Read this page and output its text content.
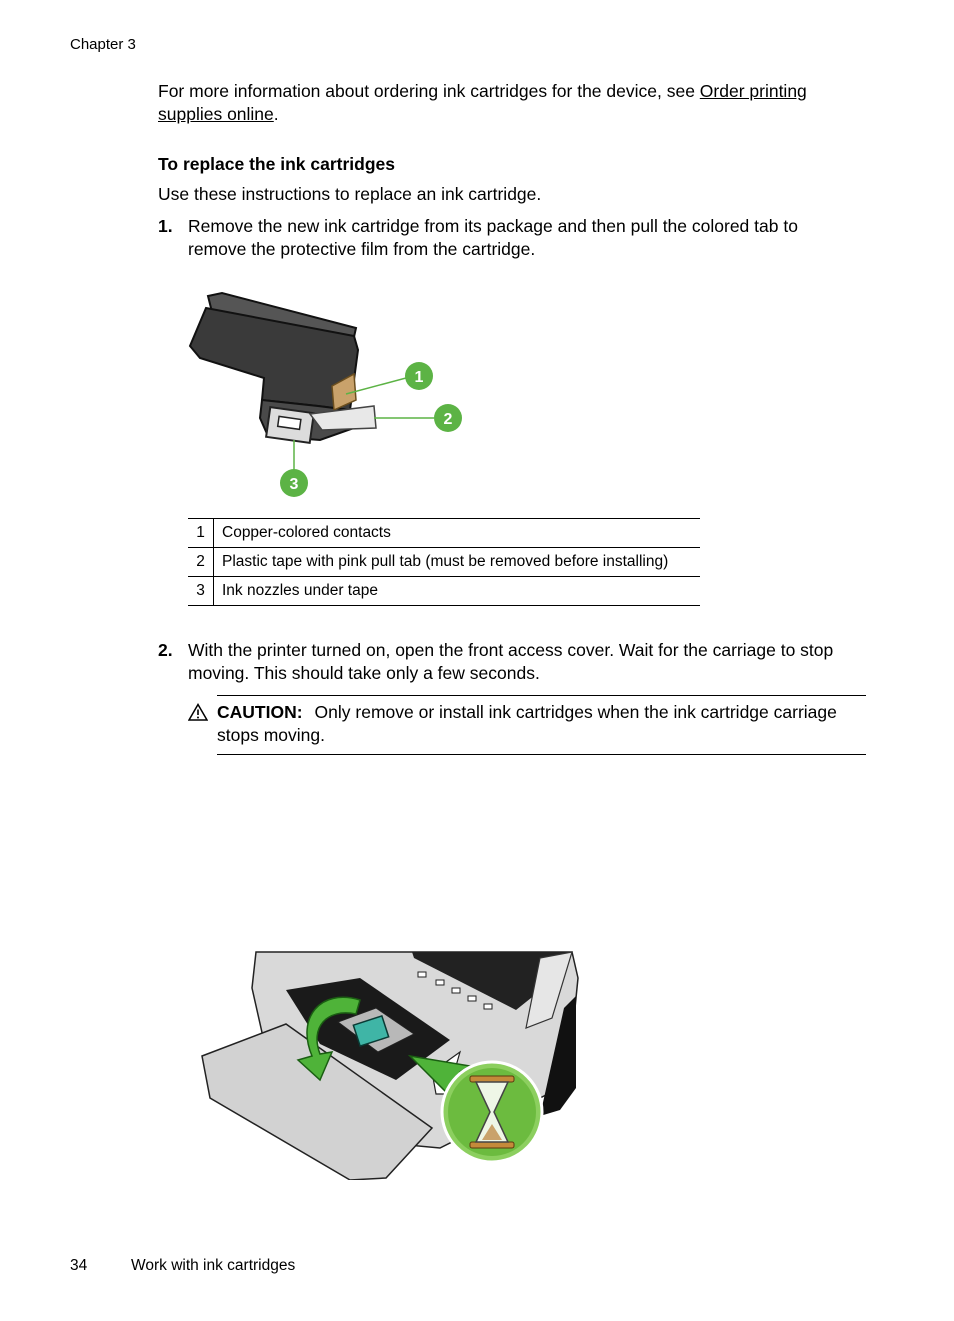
Chapter 3
For more information about ordering ink cartridges for the device, see Order printing supplies online.
To replace the ink cartridges
Use these instructions to replace an ink cartridge.
1. Remove the new ink cartridge from its package and then pull the colored tab to remove the protective film from the cartridge.
1
2
3
1	Copper-colored contacts
2	Plastic tape with pink pull tab (must be removed before installing)
3	Ink nozzles under tape
2. With the printer turned on, open the front access cover. Wait for the carriage to stop moving. This should take only a few seconds.
CAUTION: Only remove or install ink cartridges when the ink cartridge carriage stops moving.
34	Work with ink cartridges
